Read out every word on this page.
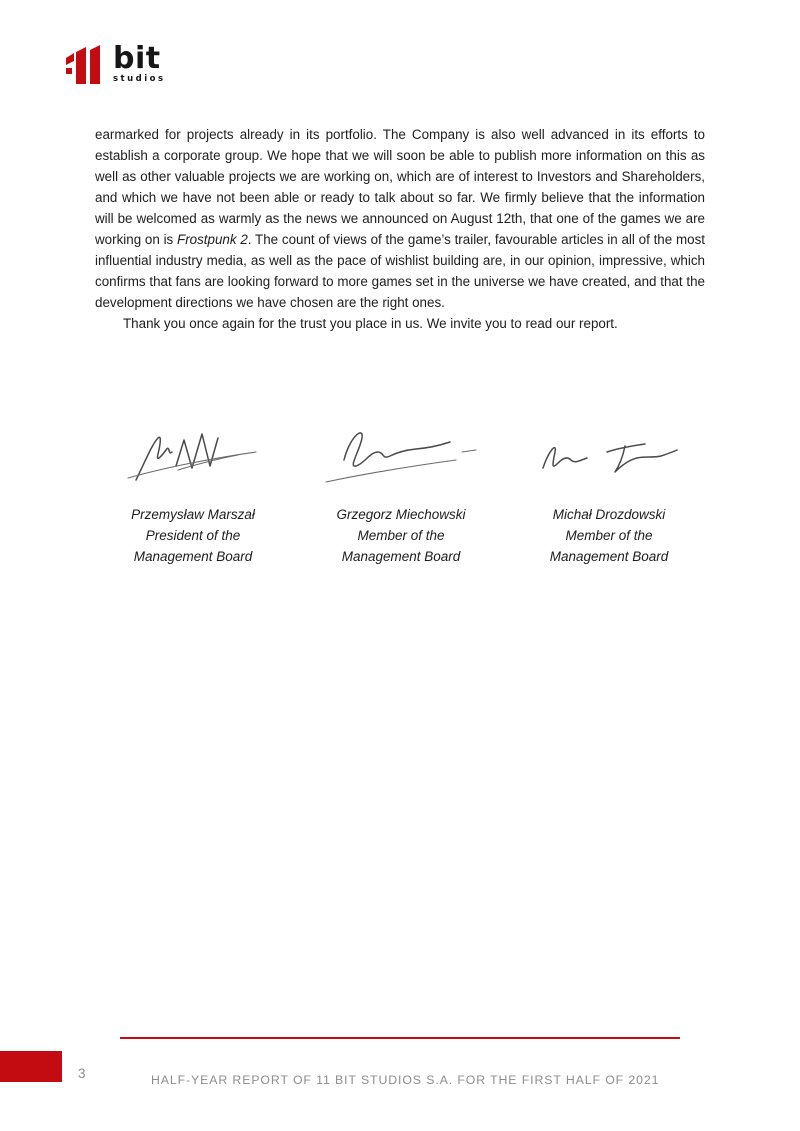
bit
studios

earmarked for projects already in its portfolio. The Company is also well advanced in its efforts to establish a corporate group. We hope that we will soon be able to publish more information on this as well as other valuable projects we are working on, which are of interest to Investors and Shareholders, and which we have not been able or ready to talk about so far. We firmly believe that the information will be welcomed as warmly as the news we announced on August 12th, that one of the games we are working on is Frostpunk 2. The count of views of the game’s trailer, favourable articles in all of the most influential industry media, as well as the pace of wishlist building are, in our opinion, impressive, which confirms that fans are looking forward to more games set in the universe we have created, and that the development directions we have chosen are the right ones.

Thank you once again for the trust you place in us. We invite you to read our report.

Przemysław Marszał
President of the
Management Board
Grzegorz Miechowski
Member of the
Management Board
Michał Drozdowski
Member of the
Management Board
3	HALF-YEAR REPORT OF 11 BIT STUDIOS S.A. FOR THE FIRST HALF OF 2021
